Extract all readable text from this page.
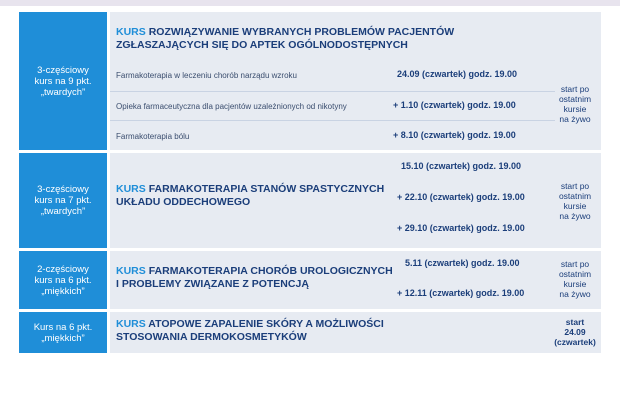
3-częściowy
kurs na 9 pkt.
„twardych”
KURS ROZWIĄZYWANIE WYBRANYCH PROBLEMÓW PACJENTÓW
ZGŁASZAJĄCYCH SIĘ DO APTEK OGÓLNODOSTĘPNYCH
Farmakoterapia w leczeniu chorób narządu wzroku	24.09 (czwartek) godz. 19.00
Opieka farmaceutyczna dla pacjentów uzależnionych od nikotyny	+ 1.10 (czwartek) godz. 19.00
Farmakoterapia bólu	+ 8.10 (czwartek) godz. 19.00
start po
ostatnim
kursie
na żywo
3-częściowy
kurs na 7 pkt.
„twardych”
KURS FARMAKOTERAPIA STANÓW SPASTYCZNYCH
UKŁADU ODDECHOWEGO
15.10 (czwartek) godz. 19.00
+ 22.10 (czwartek) godz. 19.00
+ 29.10 (czwartek) godz. 19.00
start po
ostatnim
kursie
na żywo
2-częściowy
kurs na 6 pkt.
„miękkich”
KURS FARMAKOTERAPIA CHORÓB UROLOGICZNYCH
I PROBLEMY ZWIĄZANE Z POTENCJĄ
5.11 (czwartek) godz. 19.00
+ 12.11 (czwartek) godz. 19.00
start po
ostatnim
kursie
na żywo
Kurs na 6 pkt.
„miękkich”
KURS ATOPOWE ZAPALENIE SKÓRY A MOŻLIWOŚCI
STOSOWANIA DERMOKOSMETYKÓW
start
24.09
(czwartek)
